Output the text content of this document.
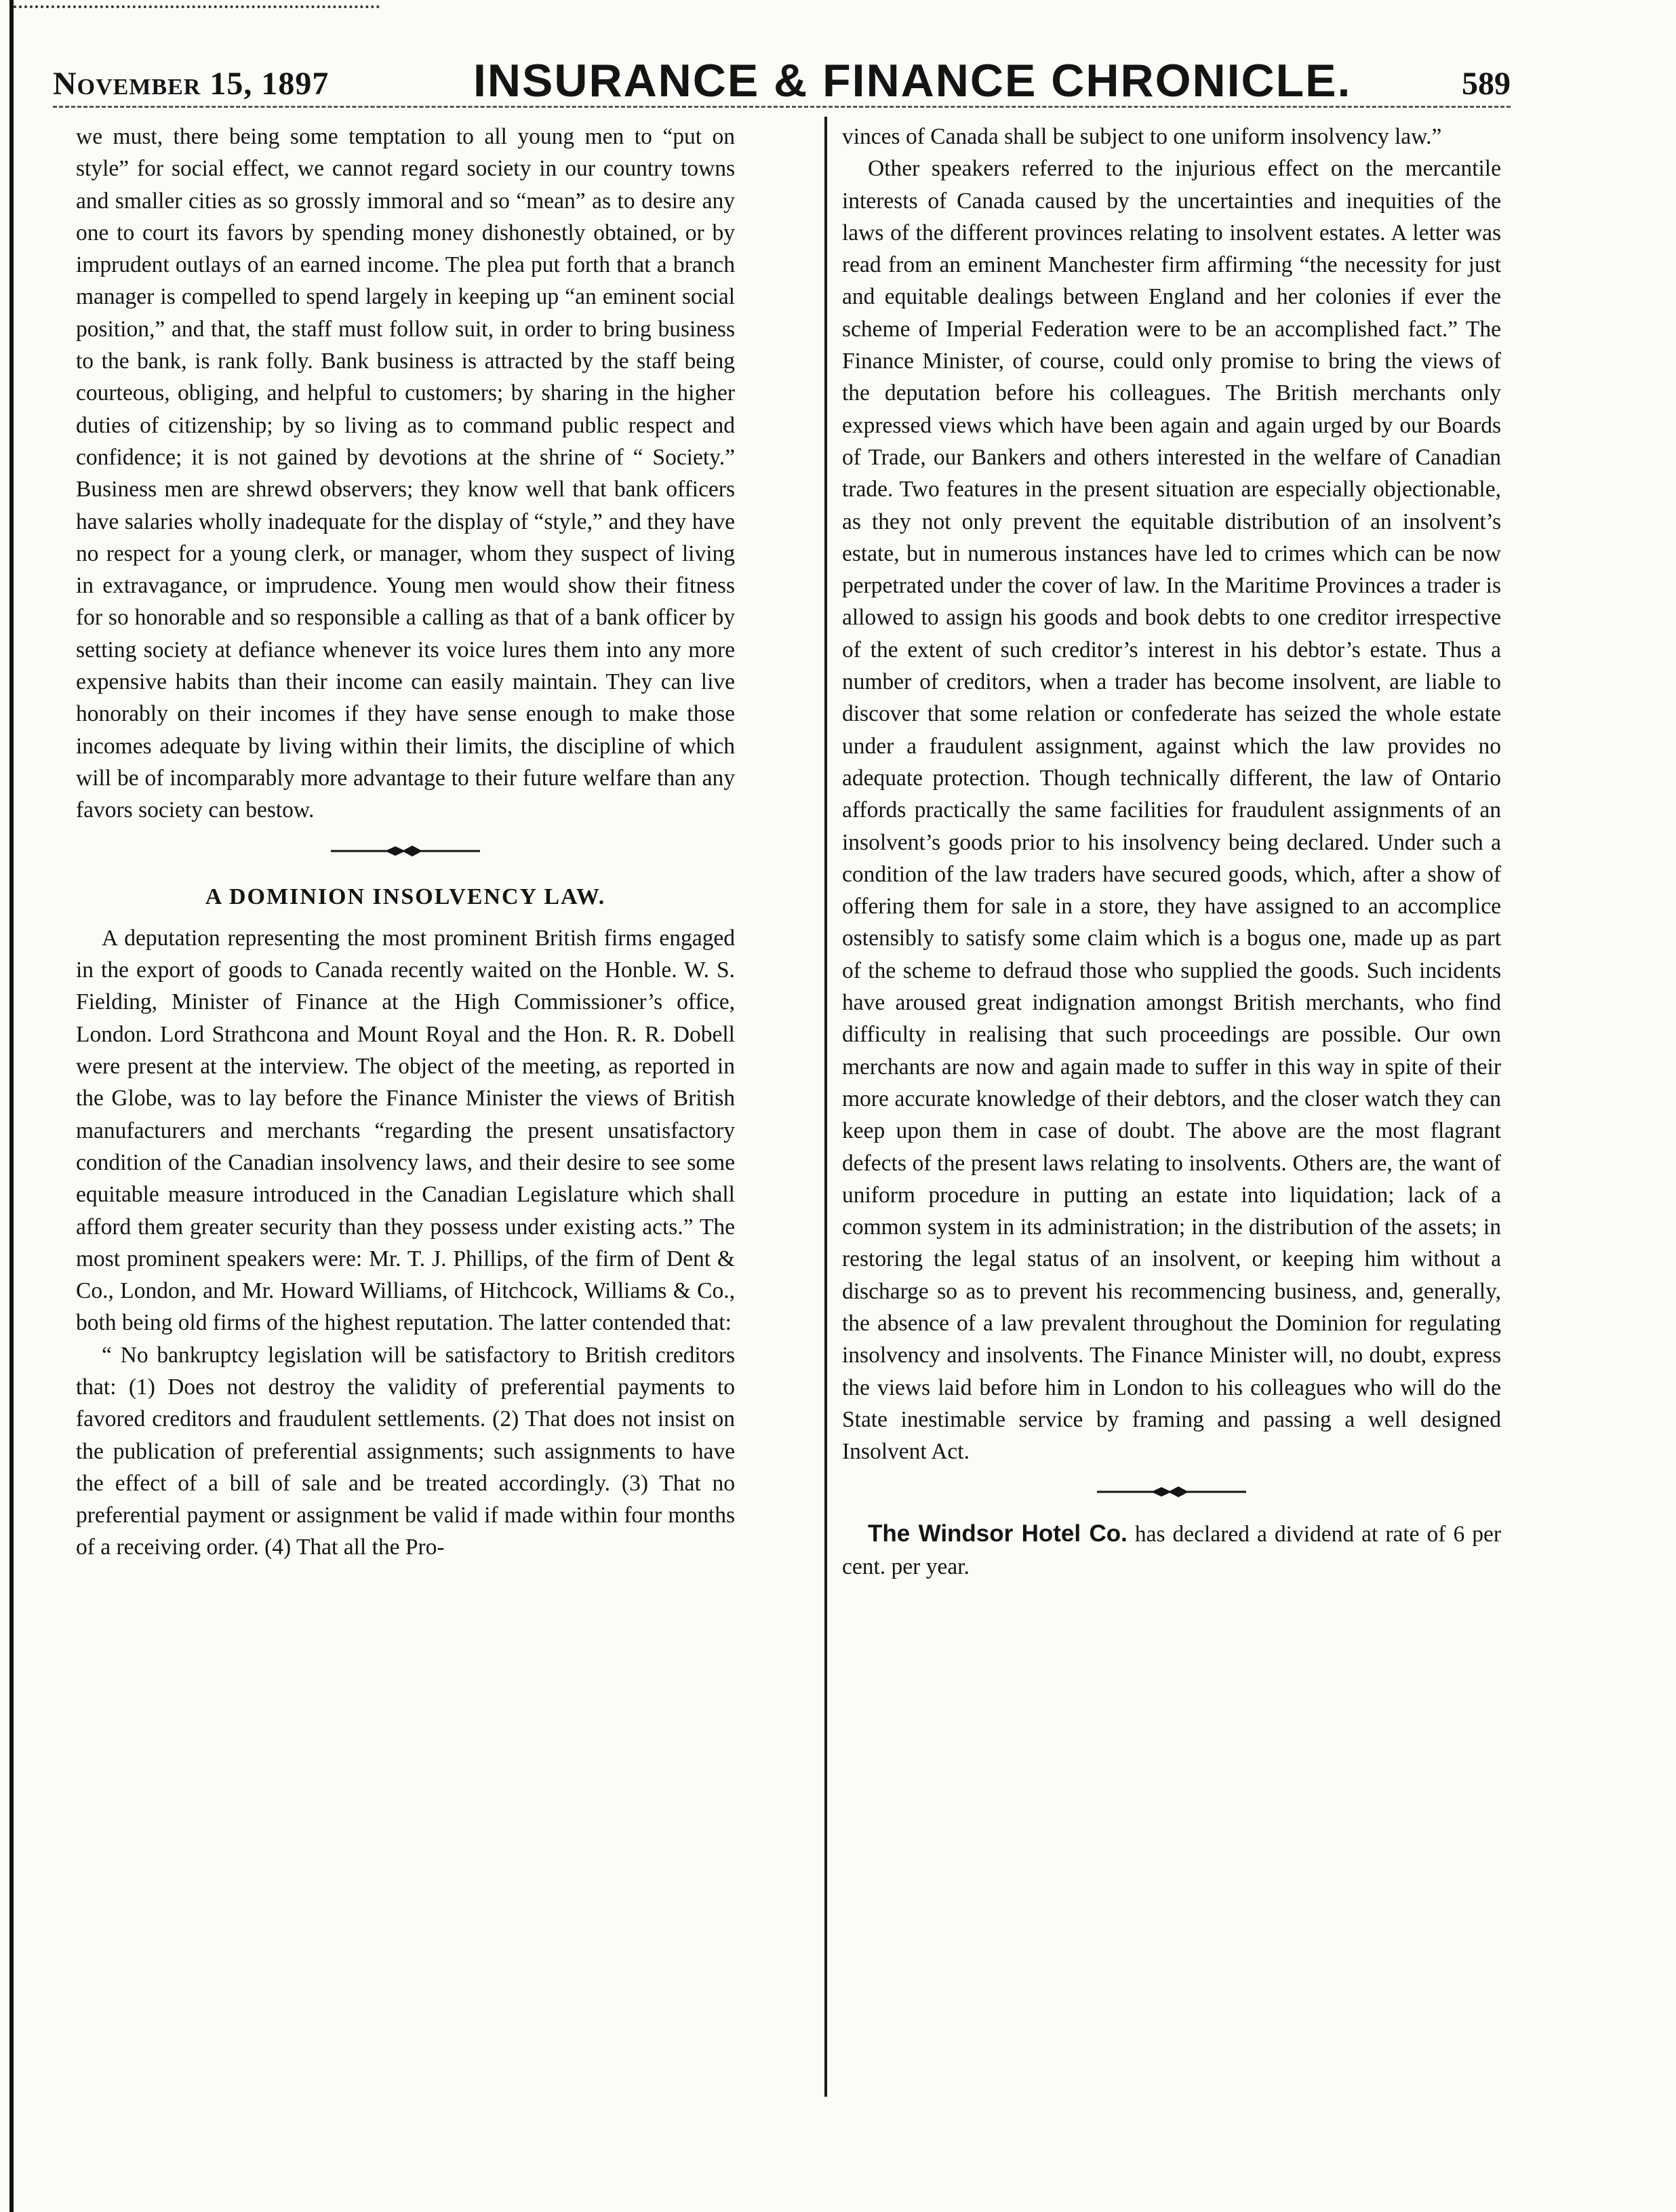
November 15, 1897	INSURANCE & FINANCE CHRONICLE.	589

we must, there being some temptation to all young men to “put on style” for social effect, we cannot regard society in our country towns and smaller cities as so grossly immoral and so “mean” as to desire any one to court its favors by spending money dishonestly obtained, or by imprudent outlays of an earned income. The plea put forth that a branch manager is compelled to spend largely in keeping up “an eminent social position,” and that, the staff must follow suit, in order to bring business to the bank, is rank folly. Bank business is attracted by the staff being courteous, obliging, and helpful to customers; by sharing in the higher duties of citizenship; by so living as to command public respect and confidence; it is not gained by devotions at the shrine of “ Society.” Business men are shrewd observers; they know well that bank officers have salaries wholly inadequate for the display of “style,” and they have no respect for a young clerk, or manager, whom they suspect of living in extravagance, or imprudence. Young men would show their fitness for so honorable and so responsible a calling as that of a bank officer by setting society at defiance whenever its voice lures them into any more expensive habits than their income can easily maintain. They can live honorably on their incomes if they have sense enough to make those incomes adequate by living within their limits, the discipline of which will be of incomparably more advantage to their future welfare than any favors society can bestow.

A DOMINION INSOLVENCY LAW.

A deputation representing the most prominent British firms engaged in the export of goods to Canada recently waited on the Honble. W. S. Fielding, Minister of Finance at the High Commissioner’s office, London. Lord Strathcona and Mount Royal and the Hon. R. R. Dobell were present at the interview. The object of the meeting, as reported in the Globe, was to lay before the Finance Minister the views of British manufacturers and merchants “regarding the present unsatisfactory condition of the Canadian insolvency laws, and their desire to see some equitable measure introduced in the Canadian Legislature which shall afford them greater security than they possess under existing acts.” The most prominent speakers were: Mr. T. J. Phillips, of the firm of Dent & Co., London, and Mr. Howard Williams, of Hitchcock, Williams & Co., both being old firms of the highest reputation. The latter contended that:

“ No bankruptcy legislation will be satisfactory to British creditors that: (1) Does not destroy the validity of preferential payments to favored creditors and fraudulent settlements. (2) That does not insist on the publication of preferential assignments; such assignments to have the effect of a bill of sale and be treated accordingly. (3) That no preferential payment or assignment be valid if made within four months of a receiving order. (4) That all the Pro-

vinces of Canada shall be subject to one uniform insolvency law.”

Other speakers referred to the injurious effect on the mercantile interests of Canada caused by the uncertainties and inequities of the laws of the different provinces relating to insolvent estates. A letter was read from an eminent Manchester firm affirming “the necessity for just and equitable dealings between England and her colonies if ever the scheme of Imperial Federation were to be an accomplished fact.” The Finance Minister, of course, could only promise to bring the views of the deputation before his colleagues. The British merchants only expressed views which have been again and again urged by our Boards of Trade, our Bankers and others interested in the welfare of Canadian trade. Two features in the present situation are especially objectionable, as they not only prevent the equitable distribution of an insolvent’s estate, but in numerous instances have led to crimes which can be now perpetrated under the cover of law. In the Maritime Provinces a trader is allowed to assign his goods and book debts to one creditor irrespective of the extent of such creditor’s interest in his debtor’s estate. Thus a number of creditors, when a trader has become insolvent, are liable to discover that some relation or confederate has seized the whole estate under a fraudulent assignment, against which the law provides no adequate protection. Though technically different, the law of Ontario affords practically the same facilities for fraudulent assignments of an insolvent’s goods prior to his insolvency being declared. Under such a condition of the law traders have secured goods, which, after a show of offering them for sale in a store, they have assigned to an accomplice ostensibly to satisfy some claim which is a bogus one, made up as part of the scheme to defraud those who supplied the goods. Such incidents have aroused great indignation amongst British merchants, who find difficulty in realising that such proceedings are possible. Our own merchants are now and again made to suffer in this way in spite of their more accurate knowledge of their debtors, and the closer watch they can keep upon them in case of doubt. The above are the most flagrant defects of the present laws relating to insolvents. Others are, the want of uniform procedure in putting an estate into liquidation; lack of a common system in its administration; in the distribution of the assets; in restoring the legal status of an insolvent, or keeping him without a discharge so as to prevent his recommencing business, and, generally, the absence of a law prevalent throughout the Dominion for regulating insolvency and insolvents. The Finance Minister will, no doubt, express the views laid before him in London to his colleagues who will do the State inestimable service by framing and passing a well designed Insolvent Act.

The Windsor Hotel Co. has declared a dividend at rate of 6 per cent. per year.
